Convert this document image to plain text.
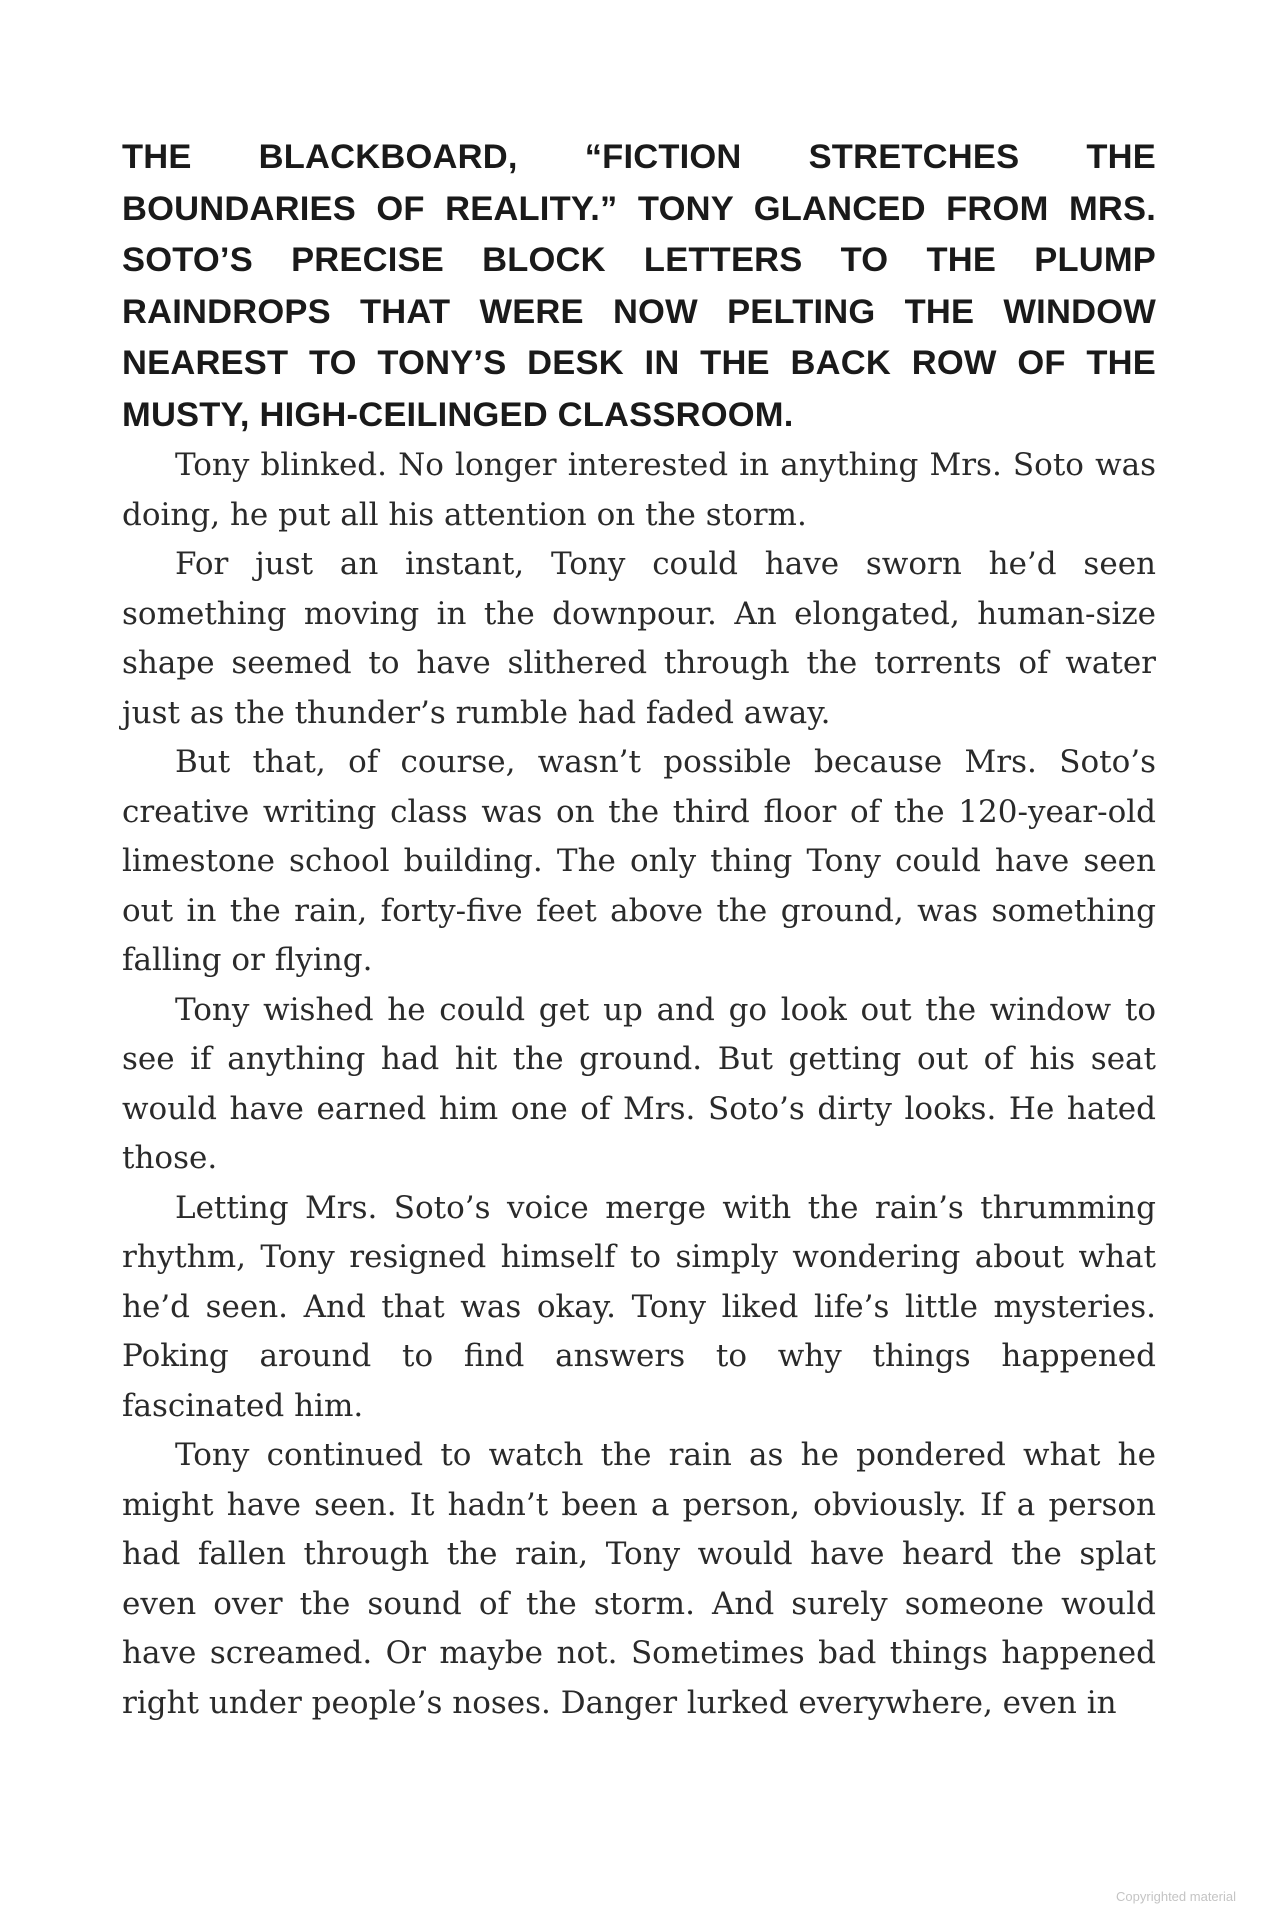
THE BLACKBOARD, “FICTION STRETCHES THE BOUNDARIES OF REALITY.” TONY GLANCED FROM MRS. SOTO’S PRECISE BLOCK LETTERS TO THE PLUMP RAINDROPS THAT WERE NOW PELTING THE WINDOW NEAREST TO TONY’S DESK IN THE BACK ROW OF THE MUSTY, HIGH-CEILINGED CLASSROOM.

Tony blinked. No longer interested in anything Mrs. Soto was doing, he put all his attention on the storm.

For just an instant, Tony could have sworn he’d seen something moving in the downpour. An elongated, human-size shape seemed to have slithered through the torrents of water just as the thunder’s rumble had faded away.

But that, of course, wasn’t possible because Mrs. Soto’s creative writing class was on the third floor of the 120-year-old limestone school building. The only thing Tony could have seen out in the rain, forty-five feet above the ground, was something falling or flying.

Tony wished he could get up and go look out the window to see if anything had hit the ground. But getting out of his seat would have earned him one of Mrs. Soto’s dirty looks. He hated those.

Letting Mrs. Soto’s voice merge with the rain’s thrumming rhythm, Tony resigned himself to simply wondering about what he’d seen. And that was okay. Tony liked life’s little mysteries. Poking around to find answers to why things happened fascinated him.

Tony continued to watch the rain as he pondered what he might have seen. It hadn’t been a person, obviously. If a person had fallen through the rain, Tony would have heard the splat even over the sound of the storm. And surely someone would have screamed. Or maybe not. Sometimes bad things happened right under people’s noses. Danger lurked everywhere, even in

Copyrighted material
